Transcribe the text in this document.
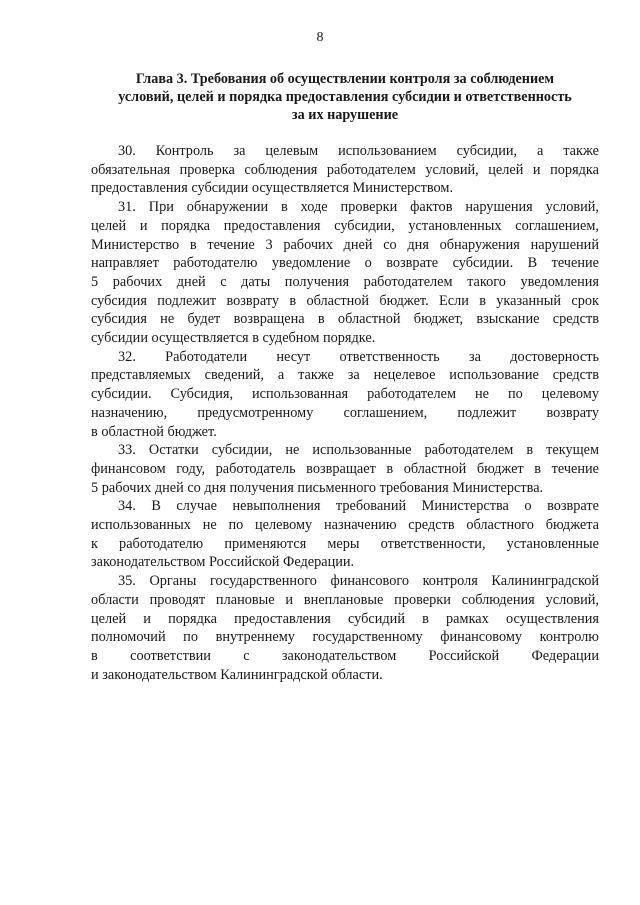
8
Глава 3. Требования об осуществлении контроля за соблюдением
условий, целей и порядка предоставления субсидии и ответственность
за их нарушение
30. Контроль за целевым использованием субсидии, а также
обязательная проверка соблюдения работодателем условий, целей и порядка
предоставления субсидии осуществляется Министерством.
31. При обнаружении в ходе проверки фактов нарушения условий,
целей и порядка предоставления субсидии, установленных соглашением,
Министерство в течение 3 рабочих дней со дня обнаружения нарушений
направляет работодателю уведомление о возврате субсидии. В течение
5 рабочих дней с даты получения работодателем такого уведомления
субсидия подлежит возврату в областной бюджет. Если в указанный срок
субсидия не будет возвращена в областной бюджет, взыскание средств
субсидии осуществляется в судебном порядке.
32. Работодатели несут ответственность за достоверность
представляемых сведений, а также за нецелевое использование средств
субсидии. Субсидия, использованная работодателем не по целевому
назначению, предусмотренному соглашением, подлежит возврату
в областной бюджет.
33. Остатки субсидии, не использованные работодателем в текущем
финансовом году, работодатель возвращает в областной бюджет в течение
5 рабочих дней со дня получения письменного требования Министерства.
34. В случае невыполнения требований Министерства о возврате
использованных не по целевому назначению средств областного бюджета
к работодателю применяются меры ответственности, установленные
законодательством Российской Федерации.
35. Органы государственного финансового контроля Калининградской
области проводят плановые и внеплановые проверки соблюдения условий,
целей и порядка предоставления субсидий в рамках осуществления
полномочий по внутреннему государственному финансовому контролю
в соответствии с законодательством Российской Федерации
и законодательством Калининградской области.
